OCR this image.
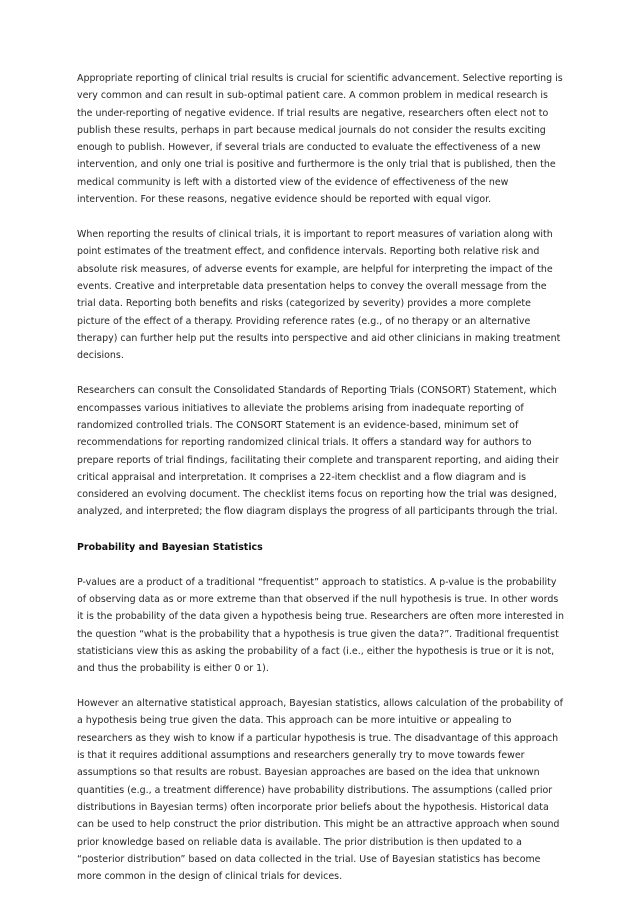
Appropriate reporting of clinical trial results is crucial for scientific advancement. Selective reporting is very common and can result in sub-optimal patient care. A common problem in medical research is the under-reporting of negative evidence. If trial results are negative, researchers often elect not to publish these results, perhaps in part because medical journals do not consider the results exciting enough to publish. However, if several trials are conducted to evaluate the effectiveness of a new intervention, and only one trial is positive and furthermore is the only trial that is published, then the medical community is left with a distorted view of the evidence of effectiveness of the new intervention. For these reasons, negative evidence should be reported with equal vigor.

When reporting the results of clinical trials, it is important to report measures of variation along with point estimates of the treatment effect, and confidence intervals. Reporting both relative risk and absolute risk measures, of adverse events for example, are helpful for interpreting the impact of the events. Creative and interpretable data presentation helps to convey the overall message from the trial data. Reporting both benefits and risks (categorized by severity) provides a more complete picture of the effect of a therapy. Providing reference rates (e.g., of no therapy or an alternative therapy) can further help put the results into perspective and aid other clinicians in making treatment decisions.

Researchers can consult the Consolidated Standards of Reporting Trials (CONSORT) Statement, which encompasses various initiatives to alleviate the problems arising from inadequate reporting of randomized controlled trials. The CONSORT Statement is an evidence-based, minimum set of recommendations for reporting randomized clinical trials. It offers a standard way for authors to prepare reports of trial findings, facilitating their complete and transparent reporting, and aiding their critical appraisal and interpretation. It comprises a 22-item checklist and a flow diagram and is considered an evolving document. The checklist items focus on reporting how the trial was designed, analyzed, and interpreted; the flow diagram displays the progress of all participants through the trial.

Probability and Bayesian Statistics

P-values are a product of a traditional “frequentist” approach to statistics. A p-value is the probability of observing data as or more extreme than that observed if the null hypothesis is true. In other words it is the probability of the data given a hypothesis being true. Researchers are often more interested in the question “what is the probability that a hypothesis is true given the data?”. Traditional frequentist statisticians view this as asking the probability of a fact (i.e., either the hypothesis is true or it is not, and thus the probability is either 0 or 1).

However an alternative statistical approach, Bayesian statistics, allows calculation of the probability of a hypothesis being true given the data. This approach can be more intuitive or appealing to researchers as they wish to know if a particular hypothesis is true. The disadvantage of this approach is that it requires additional assumptions and researchers generally try to move towards fewer assumptions so that results are robust. Bayesian approaches are based on the idea that unknown quantities (e.g., a treatment difference) have probability distributions. The assumptions (called prior distributions in Bayesian terms) often incorporate prior beliefs about the hypothesis. Historical data can be used to help construct the prior distribution. This might be an attractive approach when sound prior knowledge based on reliable data is available. The prior distribution is then updated to a “posterior distribution” based on data collected in the trial. Use of Bayesian statistics has become more common in the design of clinical trials for devices.
